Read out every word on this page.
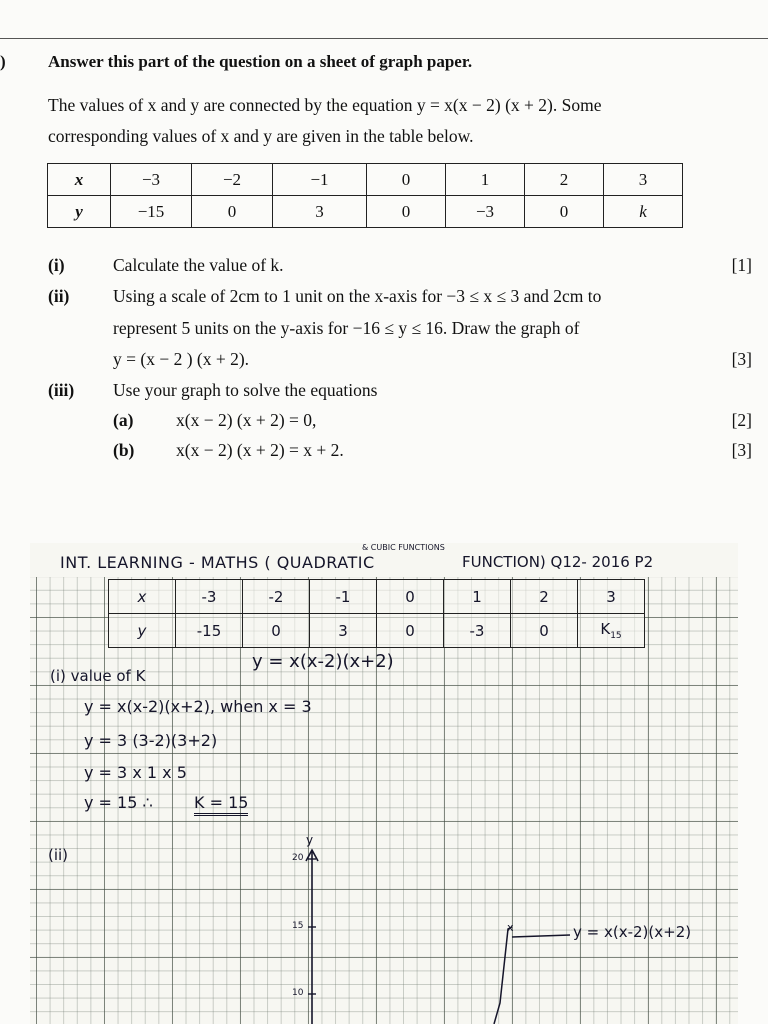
) Answer this part of the question on a sheet of graph paper.

The values of x and y are connected by the equation y = x(x − 2) (x + 2). Some

corresponding values of x and y are given in the table below.

x	−3	−2	−1	0	1	2	3
y	−15	0	3	0	−3	0	k
(i)	Calculate the value of k.	[1]
(ii) Using a scale of 2cm to 1 unit on the x-axis for −3 ≤ x ≤ 3 and 2cm to
represent 5 units on the y-axis for −16 ≤ y ≤ 16. Draw the graph of
y = (x − 2 ) (x + 2).	[3]
(iii) Use your graph to solve the equations
(a) x(x − 2) (x + 2) = 0,	[2]
(b) x(x − 2) (x + 2) = x + 2.	[3]
INT. LEARNING - MATHS ( QUADRATIC
& CUBIC FUNCTIONS
FUNCTION) Q12- 2016 P2
x	-3	-2	-1	0	1	2	3
y	-15	0	3	0	-3	0	$K_{15}$
y = x(x-2)(x+2)
(i) value of K
y = x(x-2)(x+2), when x = 3
y = 3 (3-2)(3+2)
y = 3 x 1 x 5
y = 15 ∴	K = 15
(ii)
x
y
20
15
10
y = x(x-2)(x+2)
